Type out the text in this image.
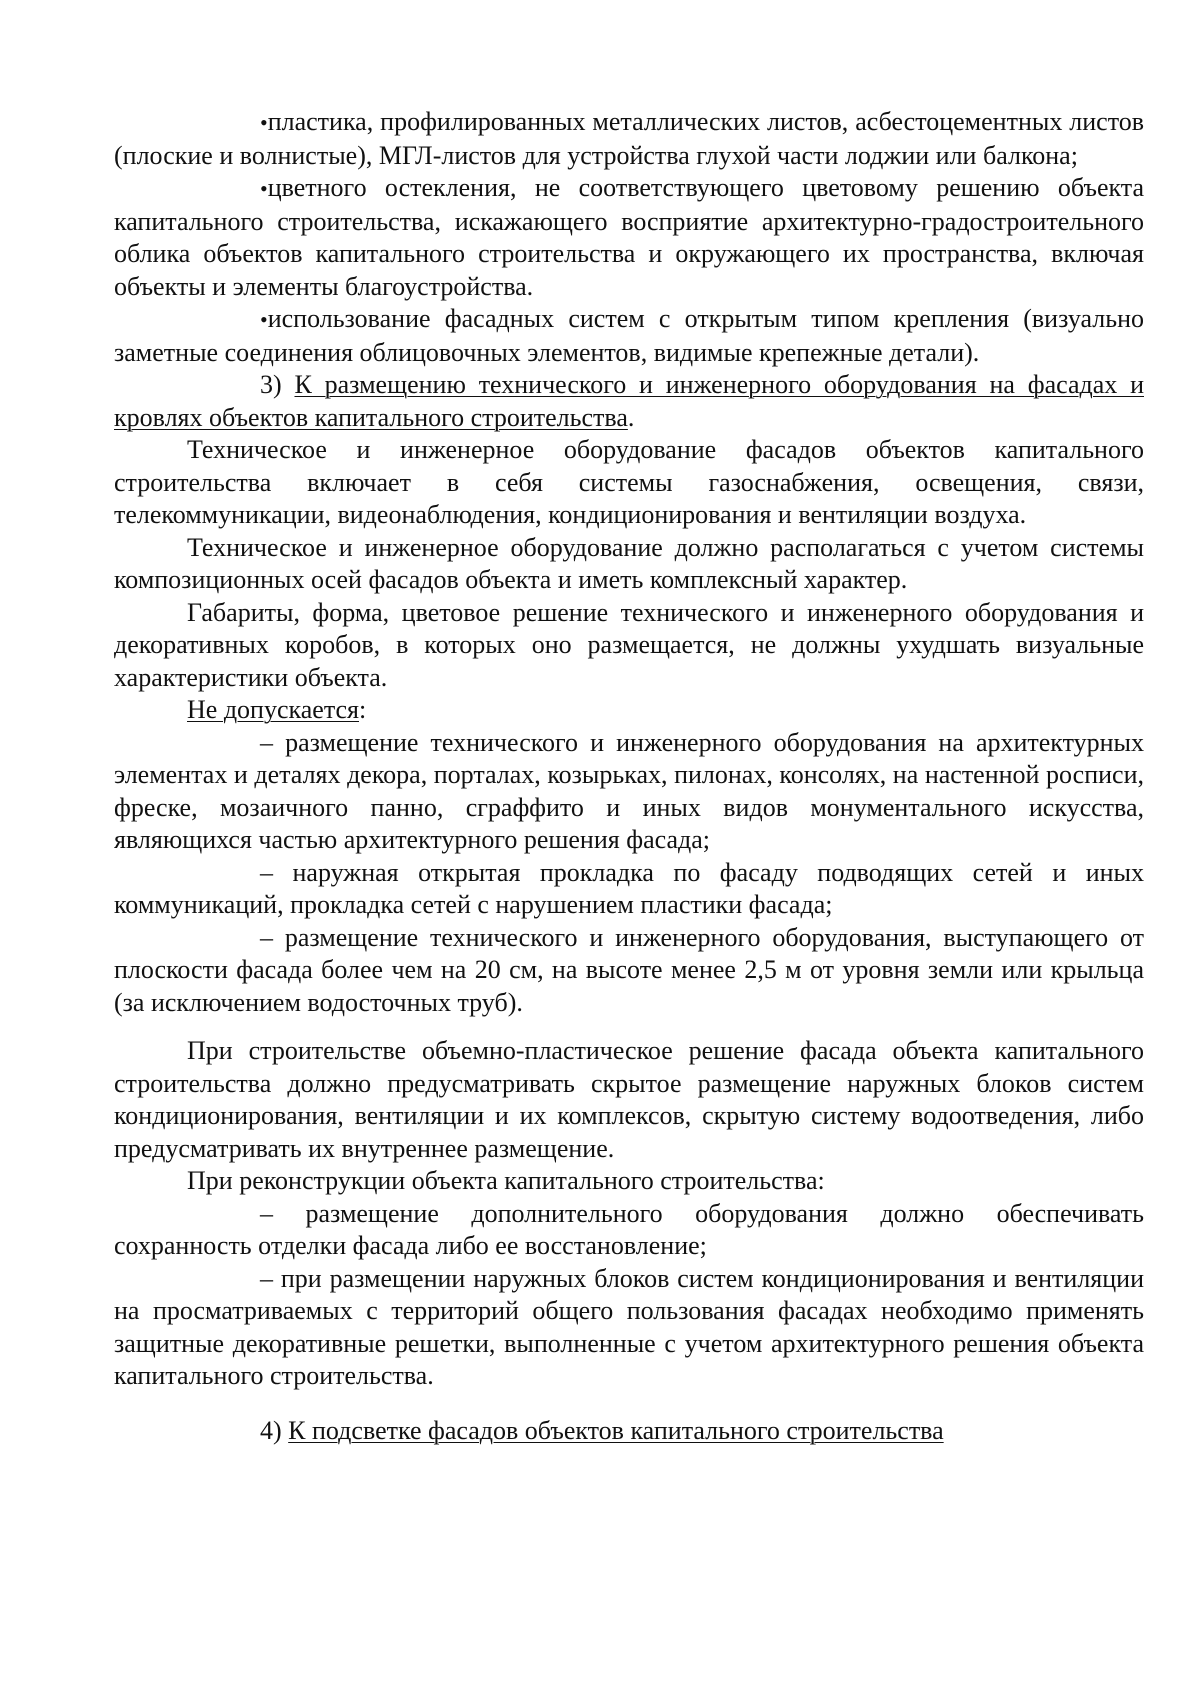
•пластика, профилированных металлических листов, асбестоцементных листов (плоские и волнистые), МГЛ-листов для устройства глухой части лоджии или балкона;

•цветного остекления, не соответствующего цветовому решению объекта капитального строительства, искажающего восприятие архитектурно-градостроительного облика объектов капитального строительства и окружающего их пространства, включая объекты и элементы благоустройства.

•использование фасадных систем с открытым типом крепления (визуально заметные соединения облицовочных элементов, видимые крепежные детали).

3) К размещению технического и инженерного оборудования на фасадах и кровлях объектов капитального строительства.

Техническое и инженерное оборудование фасадов объектов капитального строительства включает в себя системы газоснабжения, освещения, связи, телекоммуникации, видеонаблюдения, кондиционирования и вентиляции воздуха.

Техническое и инженерное оборудование должно располагаться с учетом системы композиционных осей фасадов объекта и иметь комплексный характер.

Габариты, форма, цветовое решение технического и инженерного оборудования и декоративных коробов, в которых оно размещается, не должны ухудшать визуальные характеристики объекта.

Не допускается:

– размещение технического и инженерного оборудования на архитектурных элементах и деталях декора, порталах, козырьках, пилонах, консолях, на настенной росписи, фреске, мозаичного панно, сграффито и иных видов монументального искусства, являющихся частью архитектурного решения фасада;

– наружная открытая прокладка по фасаду подводящих сетей и иных коммуникаций, прокладка сетей с нарушением пластики фасада;

– размещение технического и инженерного оборудования, выступающего от плоскости фасада более чем на 20 см, на высоте менее 2,5 м от уровня земли или крыльца (за исключением водосточных труб).

При строительстве объемно-пластическое решение фасада объекта капитального строительства должно предусматривать скрытое размещение наружных блоков систем кондиционирования, вентиляции и их комплексов, скрытую систему водоотведения, либо предусматривать их внутреннее размещение.

При реконструкции объекта капитального строительства:

– размещение дополнительного оборудования должно обеспечивать сохранность отделки фасада либо ее восстановление;

– при размещении наружных блоков систем кондиционирования и вентиляции на просматриваемых с территорий общего пользования фасадах необходимо применять защитные декоративные решетки, выполненные с учетом архитектурного решения объекта капитального строительства.

4) К подсветке фасадов объектов капитального строительства
